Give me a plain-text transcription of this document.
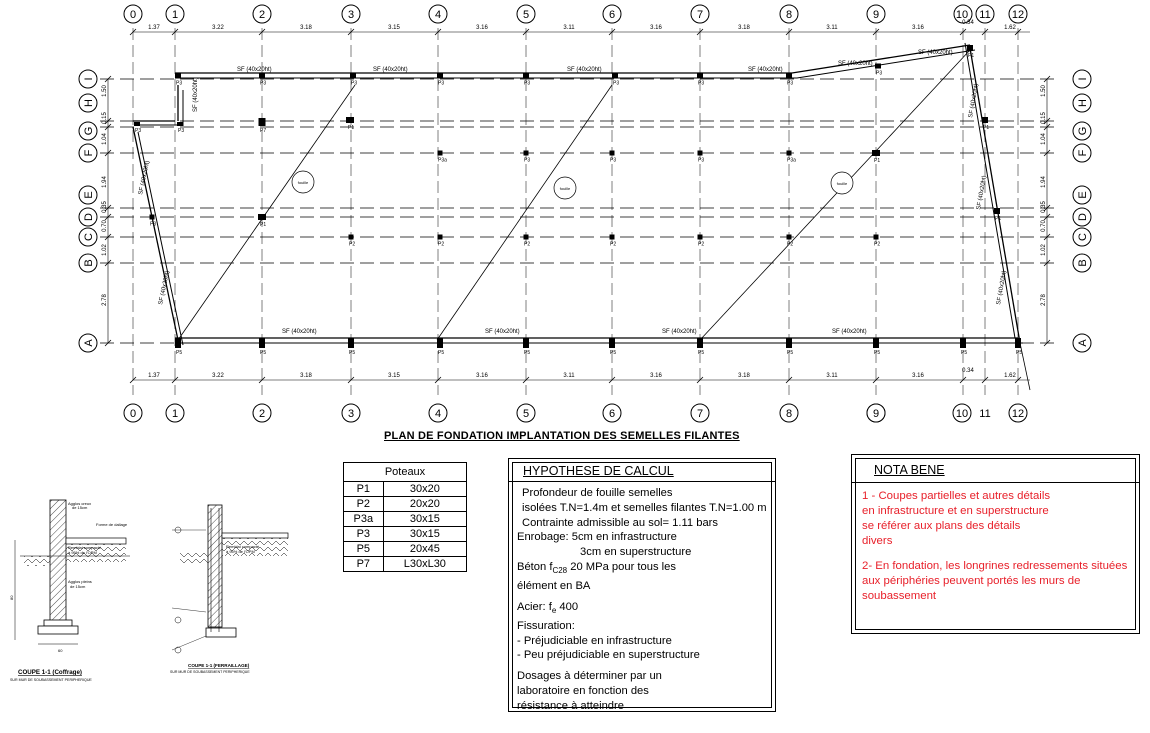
fouille
fouille
fouille
SF (40x20ht)	SF (40x20ht)	SF (40x20ht)	SF (40x20ht)
SF (40x20ht)
SF (40x20ht)
SF (40x20ht)	SF (40x20ht)	SF (40x20ht)	SF (40x20ht)
SF (40x20ht)
SF (40x20ht)
SF (40x20ht)	SF (40x20ht)
SF (40x20ht)
SF (40x20ht)
0	1	2	3	4	5	6	7	8	9	10 11 12
0	1	2	3	4	5	6	7	8	9	10 11 12
I	I
H	H
G	G
F	F
E	E
D	D
C	C
B	B
A	A
1.37	3.22	3.18	3.15	3.16	3.11	3.16	3.18	3.11	3.16
0.34
1.62
1.37	3.22	3.18	3.15	3.16	3.11	3.16	3.18	3.11	3.16
0.34
1.62
1.50
0.15
1.04
1.94
0.35
0.70
1.02
2.78
1.50
0.15
1.04
1.94
0.35
0.70
1.02
2.78
P3	P3	P3	P3	P3	P3	P3	P3
P3
P1
P3	P3	P7	P1	P1
P3a	P3	P3	P3	P3a	P1
P1
P3
P1
P2	P2	P2	P2	P2	P2	P2
P5	P5	P5	P5	P5	P5	P5	P5	P5	P5	P5
PLAN DE FONDATION IMPLANTATION DES SEMELLES FILANTES
Poteaux	
P1	30x20
P2	20x20
P3a	30x15
P3	30x15
P5	20x45
P7	L30xL30
HYPOTHESE DE CALCUL
Profondeur de fouille semelles
isolées T.N=1.4m et semelles filantes T.N=1.00 m
Contrainte admissible au sol= 1.11 bars
Enrobage: 5cm en infrastructure
3cm en superstructure
Béton $f_{C28}$ 20 MPa pour tous les
élément en BA
Acier: $f_e$ 400
Fissuration:
- Préjudiciable en infrastructure
- Peu préjudiciable en superstructure
Dosages à déterminer par un
laboratoire en fonction des
résistance à atteindre
NOTA BENE

1 - Coupes partielles et autres détails
en infrastructure et en superstructure
se référer aux plans des détails
divers

2- En fondation, les longrines redressements situées
aux périphéries peuvent portés les murs de
soubassement

Agglos creux
de 15cm
Forme de dallage
Remblai compacté
à 95% de l'OPM
Agglos pleins
de 15cm
80
60
COUPE 1-1 (Coffrage)
SUR MUR DE SOUBASSEMENT PERIPHERIQUE
Remblai compacté
à 95% de l'OPM
COUPE 1-1 (FERRAILLAGE)
SUR MUR DE SOUBASSEMENT PERIPHERIQUE
